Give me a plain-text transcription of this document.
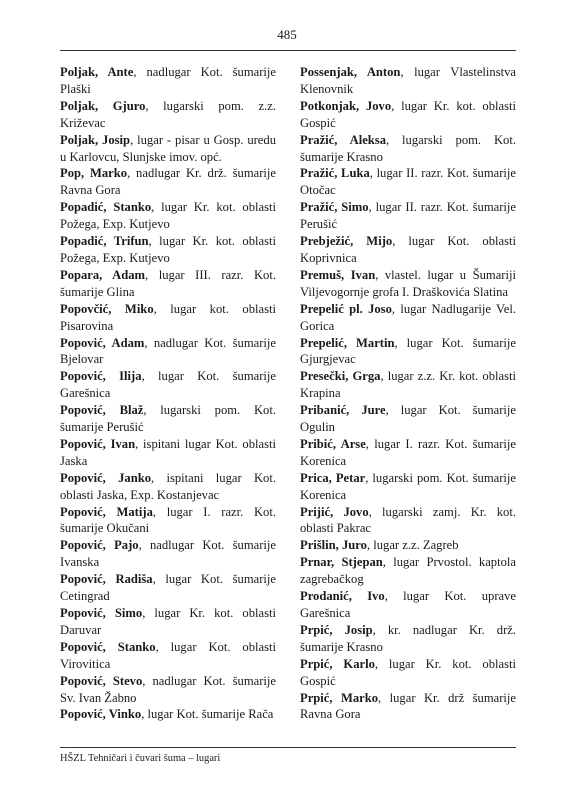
485

Poljak, Ante, nadlugar Kot. šumarije Plaški

Poljak, Gjuro, lugarski pom. z.z. Križevac

Poljak, Josip, lugar - pisar u Gosp. uredu u Karlovcu, Slunjske imov. opć.

Pop, Marko, nadlugar Kr. drž. šumarije Ravna Gora

Popadić, Stanko, lugar Kr. kot. oblasti Požega, Exp. Kutjevo

Popadić, Trifun, lugar Kr. kot. oblasti Požega, Exp. Kutjevo

Popara, Adam, lugar III. razr. Kot. šumarije Glina

Popovčić, Miko, lugar kot. oblasti Pisarovina

Popović, Adam, nadlugar Kot. šumarije Bjelovar

Popović, Ilija, lugar Kot. šumarije Garešnica

Popović, Blaž, lugarski pom. Kot. šumarije Perušić

Popović, Ivan, ispitani lugar Kot. oblasti Jaska

Popović, Janko, ispitani lugar Kot. oblasti Jaska, Exp. Kostanjevac

Popović, Matija, lugar I. razr. Kot. šumarije Okučani

Popović, Pajo, nadlugar Kot. šumarije Ivanska

Popović, Radiša, lugar Kot. šumarije Cetingrad

Popović, Simo, lugar Kr. kot. oblasti Daruvar

Popović, Stanko, lugar Kot. oblasti Virovitica

Popović, Stevo, nadlugar Kot. šumarije Sv. Ivan Žabno

Popović, Vinko, lugar Kot. šumarije Rača

Possenjak, Anton, lugar Vlastelinstva Klenovnik

Potkonjak, Jovo, lugar Kr. kot. oblasti Gospić

Pražić, Aleksa, lugarski pom. Kot. šumarije Krasno

Pražić, Luka, lugar II. razr. Kot. šumarije Otočac

Pražić, Simo, lugar II. razr. Kot. šumarije Perušić

Prebježić, Mijo, lugar Kot. oblasti Koprivnica

Premuš, Ivan, vlastel. lugar u Šumariji Viljevogornje grofa I. Draškovića Slatina

Prepelić pl. Joso, lugar Nadlugarije Vel. Gorica

Prepelić, Martin, lugar Kot. šumarije Gjurgjevac

Presečki, Grga, lugar z.z. Kr. kot. oblasti Krapina

Pribanić, Jure, lugar Kot. šumarije Ogulin

Pribić, Arse, lugar I. razr. Kot. šumarije Korenica

Prica, Petar, lugarski pom. Kot. šumarije Korenica

Prijić, Jovo, lugarski zamj. Kr. kot. oblasti Pakrac

Prišlin, Juro, lugar z.z. Zagreb

Prnar, Stjepan, lugar Prvostol. kaptola zagrebačkog

Prodanić, Ivo, lugar Kot. uprave Garešnica

Prpić, Josip, kr. nadlugar Kr. drž. šumarije Krasno

Prpić, Karlo, lugar Kr. kot. oblasti Gospić

Prpić, Marko, lugar Kr. drž šumarije Ravna Gora

HŠZL Tehničari i čuvari šuma – lugari
